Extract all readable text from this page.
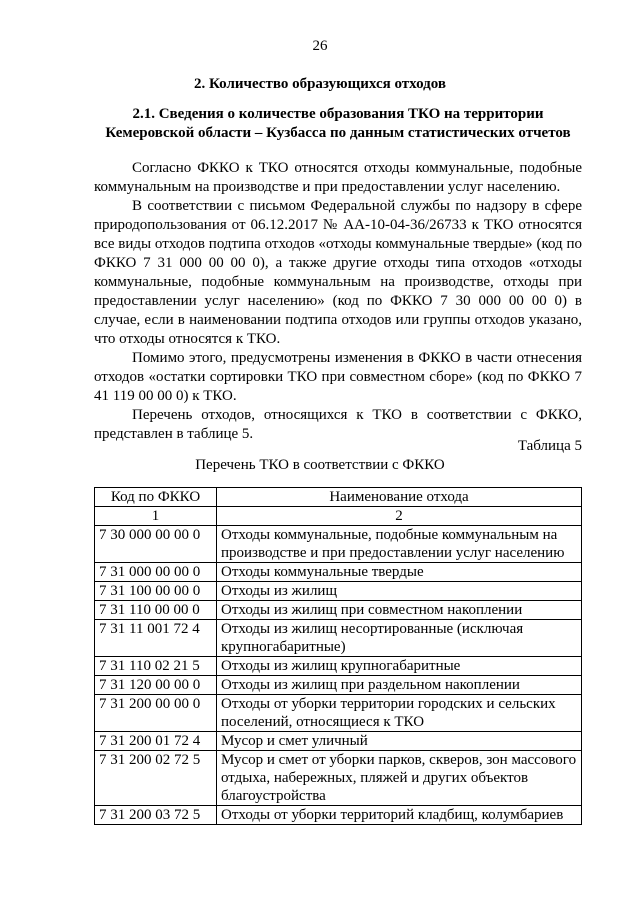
26
2. Количество образующихся отходов
2.1. Сведения о количестве образования ТКО на территории
Кемеровской области – Кузбасса по данным статистических отчетов

Согласно ФККО к ТКО относятся отходы коммунальные, подобные коммунальным на производстве и при предоставлении услуг населению.

В соответствии с письмом Федеральной службы по надзору в сфере природопользования от 06.12.2017 № АА-10-04-36/26733 к ТКО относятся все виды отходов подтипа отходов «отходы коммунальные твердые» (код по ФККО 7 31 000 00 00 0), а также другие отходы типа отходов «отходы коммунальные, подобные коммунальным на производстве, отходы при предоставлении услуг населению» (код по ФККО 7 30 000 00 00 0) в случае, если в наименовании подтипа отходов или группы отходов указано, что отходы относятся к ТКО.

Помимо этого, предусмотрены изменения в ФККО в части отнесения отходов «остатки сортировки ТКО при совместном сборе» (код по ФККО 7 41 119 00 00 0) к ТКО.

Перечень отходов, относящихся к ТКО в соответствии с ФККО, представлен в таблице 5.

Таблица 5
Перечень ТКО в соответствии с ФККО
Код по ФККО	Наименование отхода
1	2
7 30 000 00 00 0	Отходы коммунальные, подобные коммунальным на производстве и при предоставлении услуг населению
7 31 000 00 00 0	Отходы коммунальные твердые
7 31 100 00 00 0	Отходы из жилищ
7 31 110 00 00 0	Отходы из жилищ при совместном накоплении
7 31 11 001 72 4	Отходы из жилищ несортированные (исключая крупногабаритные)
7 31 110 02 21 5	Отходы из жилищ крупногабаритные
7 31 120 00 00 0	Отходы из жилищ при раздельном накоплении
7 31 200 00 00 0	Отходы от уборки территории городских и сельских поселений, относящиеся к ТКО
7 31 200 01 72 4	Мусор и смет уличный
7 31 200 02 72 5	Мусор и смет от уборки парков, скверов, зон массового отдыха, набережных, пляжей и других объектов благоустройства
7 31 200 03 72 5	Отходы от уборки территорий кладбищ, колумбариев
